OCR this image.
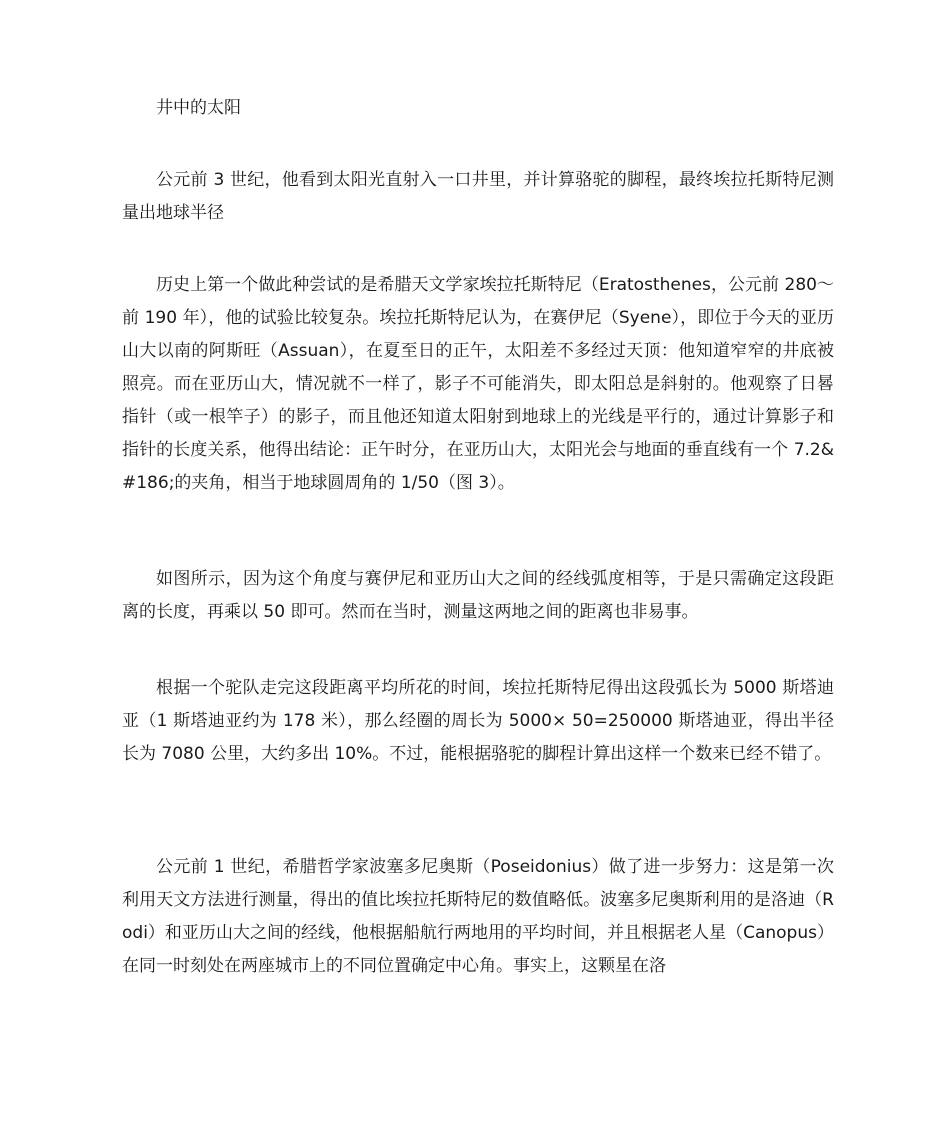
井中的太阳

公元前 3 世纪，他看到太阳光直射入一口井里，并计算骆驼的脚程，最终埃拉托斯特尼测量出地球半径

历史上第一个做此种尝试的是希腊天文学家埃拉托斯特尼（Eratosthenes，公元前 280～前 190 年），他的试验比较复杂。埃拉托斯特尼认为，在赛伊尼（Syene），即位于今天的亚历山大以南的阿斯旺（Assuan），在夏至日的正午，太阳差不多经过天顶：他知道窄窄的井底被照亮。而在亚历山大，情况就不一样了，影子不可能消失，即太阳总是斜射的。他观察了日晷指针（或一根竿子）的影子，而且他还知道太阳射到地球上的光线是平行的，通过计算影子和指针的长度关系，他得出结论：正午时分，在亚历山大，太阳光会与地面的垂直线有一个 7.2&#186;的夹角，相当于地球圆周角的 1/50（图 3）。

如图所示，因为这个角度与赛伊尼和亚历山大之间的经线弧度相等，于是只需确定这段距离的长度，再乘以 50 即可。然而在当时，测量这两地之间的距离也非易事。

根据一个驼队走完这段距离平均所花的时间，埃拉托斯特尼得出这段弧长为 5000 斯塔迪亚（1 斯塔迪亚约为 178 米），那么经圈的周长为 5000× 50=250000 斯塔迪亚，得出半径长为 7080 公里，大约多出 10%。不过，能根据骆驼的脚程计算出这样一个数来已经不错了。

公元前 1 世纪，希腊哲学家波塞多尼奥斯（Poseidonius）做了进一步努力：这是第一次利用天文方法进行测量，得出的值比埃拉托斯特尼的数值略低。波塞多尼奥斯利用的是洛迪（Rodi）和亚历山大之间的经线，他根据船航行两地用的平均时间，并且根据老人星（Canopus）在同一时刻处在两座城市上的不同位置确定中心角。事实上，这颗星在洛
